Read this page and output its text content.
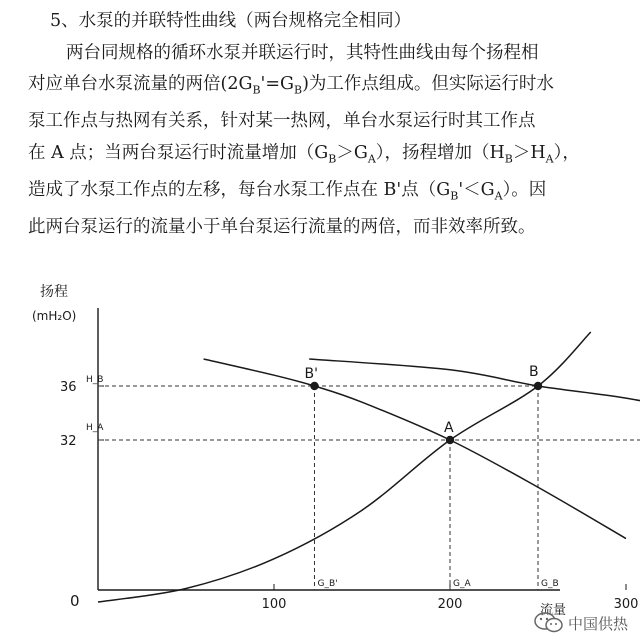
5、水泵的并联特性曲线（两台规格完全相同）
两台同规格的循环水泵并联运行时，其特性曲线由每个扬程相
对应单台水泵流量的两倍$(2G_B'=G_B)$为工作点组成。但实际运行时水
泵工作点与热网有关系，针对某一热网，单台水泵运行时其工作点
在 A 点；当两台泵运行时流量增加$(G_B>G_A)$，扬程增加$(H_B>H_A)$，
造成了水泵工作点的左移，每台水泵工作点在 B'点$(G_B'<G_A)$。因
此两台泵运行的流量小于单台泵运行流量的两倍，而非效率所致。
扬程
(mH₂O)
流量
0	100	200	300
32
36 H_B
H_A
G_B'	G_A	G_B
B'	B
A
中国供热
